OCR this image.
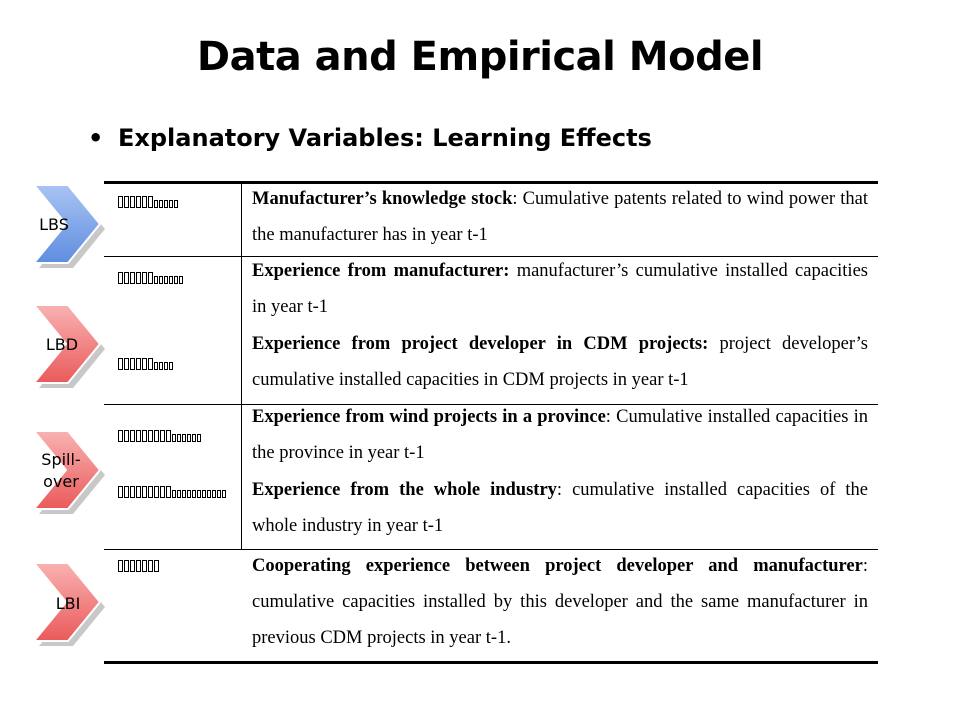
Data and Empirical Model
• Explanatory Variables: Learning Effects
Manufacturer’s knowledge stock: Cumulative patents related to wind power that the manufacturer has in year t-1
Experience from manufacturer: manufacturer’s cumulative installed capacities in year t-1
Experience from project developer in CDM projects: project developer’s cumulative installed capacities in CDM projects in year t-1
Experience from wind projects in a province: Cumulative installed capacities in the province in year t-1
Experience from the whole industry: cumulative installed capacities of the whole industry in year t-1
Cooperating experience between project developer and manufacturer: cumulative capacities installed by this developer and the same manufacturer in previous CDM projects in year t-1.
LBS
LBD
Spill-
over
LBI
